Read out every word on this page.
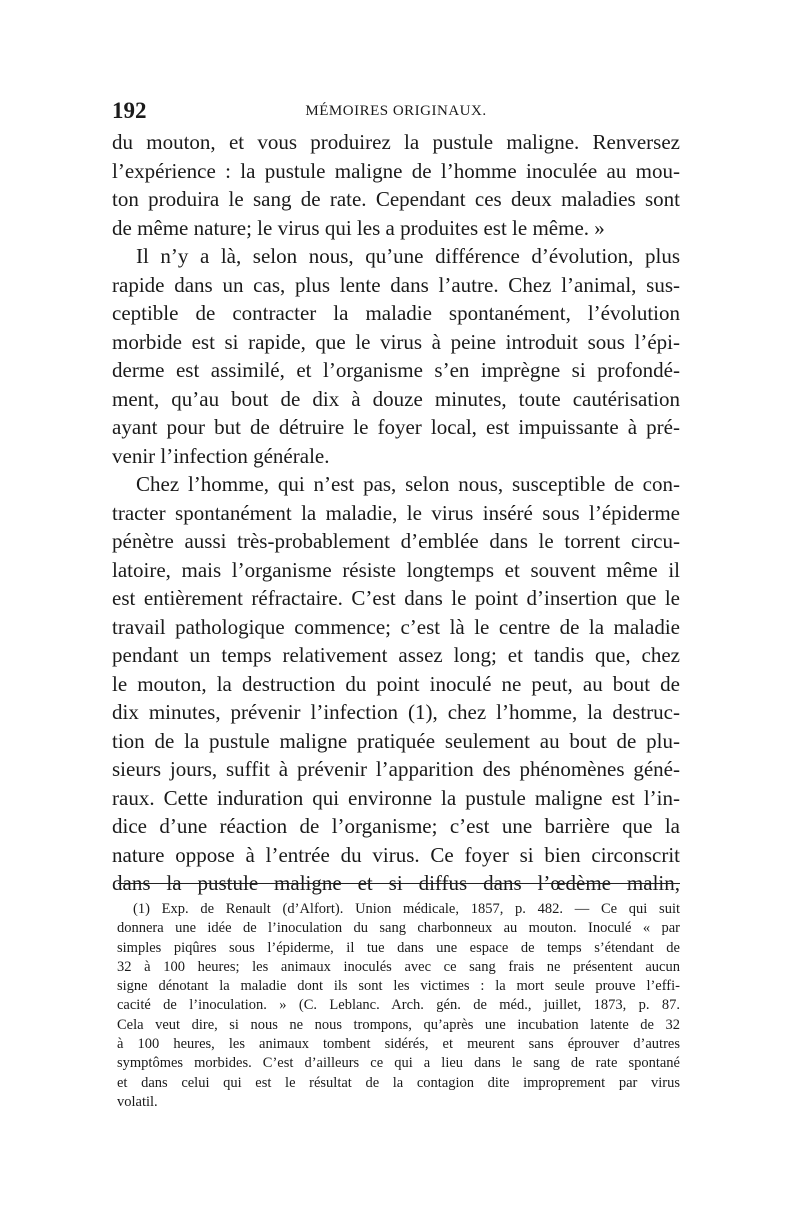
192	MÉMOIRES ORIGINAUX.
du mouton, et vous produirez la pustule maligne. Renversez
l’expérience : la pustule maligne de l’homme inoculée au mou-
ton produira le sang de rate. Cependant ces deux maladies sont
de même nature; le virus qui les a produites est le même. »
Il n’y a là, selon nous, qu’une différence d’évolution, plus
rapide dans un cas, plus lente dans l’autre. Chez l’animal, sus-
ceptible de contracter la maladie spontanément, l’évolution
morbide est si rapide, que le virus à peine introduit sous l’épi-
derme est assimilé, et l’organisme s’en imprègne si profondé-
ment, qu’au bout de dix à douze minutes, toute cautérisation
ayant pour but de détruire le foyer local, est impuissante à pré-
venir l’infection générale.
Chez l’homme, qui n’est pas, selon nous, susceptible de con-
tracter spontanément la maladie, le virus inséré sous l’épiderme
pénètre aussi très-probablement d’emblée dans le torrent circu-
latoire, mais l’organisme résiste longtemps et souvent même il
est entièrement réfractaire. C’est dans le point d’insertion que le
travail pathologique commence; c’est là le centre de la maladie
pendant un temps relativement assez long; et tandis que, chez
le mouton, la destruction du point inoculé ne peut, au bout de
dix minutes, prévenir l’infection (1), chez l’homme, la destruc-
tion de la pustule maligne pratiquée seulement au bout de plu-
sieurs jours, suffit à prévenir l’apparition des phénomènes géné-
raux. Cette induration qui environne la pustule maligne est l’in-
dice d’une réaction de l’organisme; c’est une barrière que la
nature oppose à l’entrée du virus. Ce foyer si bien circonscrit
dans la pustule maligne et si diffus dans l’œdème malin,
(1) Exp. de Renault (d’Alfort). Union médicale, 1857, p. 482. — Ce qui suit
donnera une idée de l’inoculation du sang charbonneux au mouton. Inoculé « par
simples piqûres sous l’épiderme, il tue dans une espace de temps s’étendant de
32 à 100 heures; les animaux inoculés avec ce sang frais ne présentent aucun
signe dénotant la maladie dont ils sont les victimes : la mort seule prouve l’effi-
cacité de l’inoculation. » (C. Leblanc. Arch. gén. de méd., juillet, 1873, p. 87.
Cela veut dire, si nous ne nous trompons, qu’après une incubation latente de 32
à 100 heures, les animaux tombent sidérés, et meurent sans éprouver d’autres
symptômes morbides. C’est d’ailleurs ce qui a lieu dans le sang de rate spontané
et dans celui qui est le résultat de la contagion dite improprement par virus
volatil.
